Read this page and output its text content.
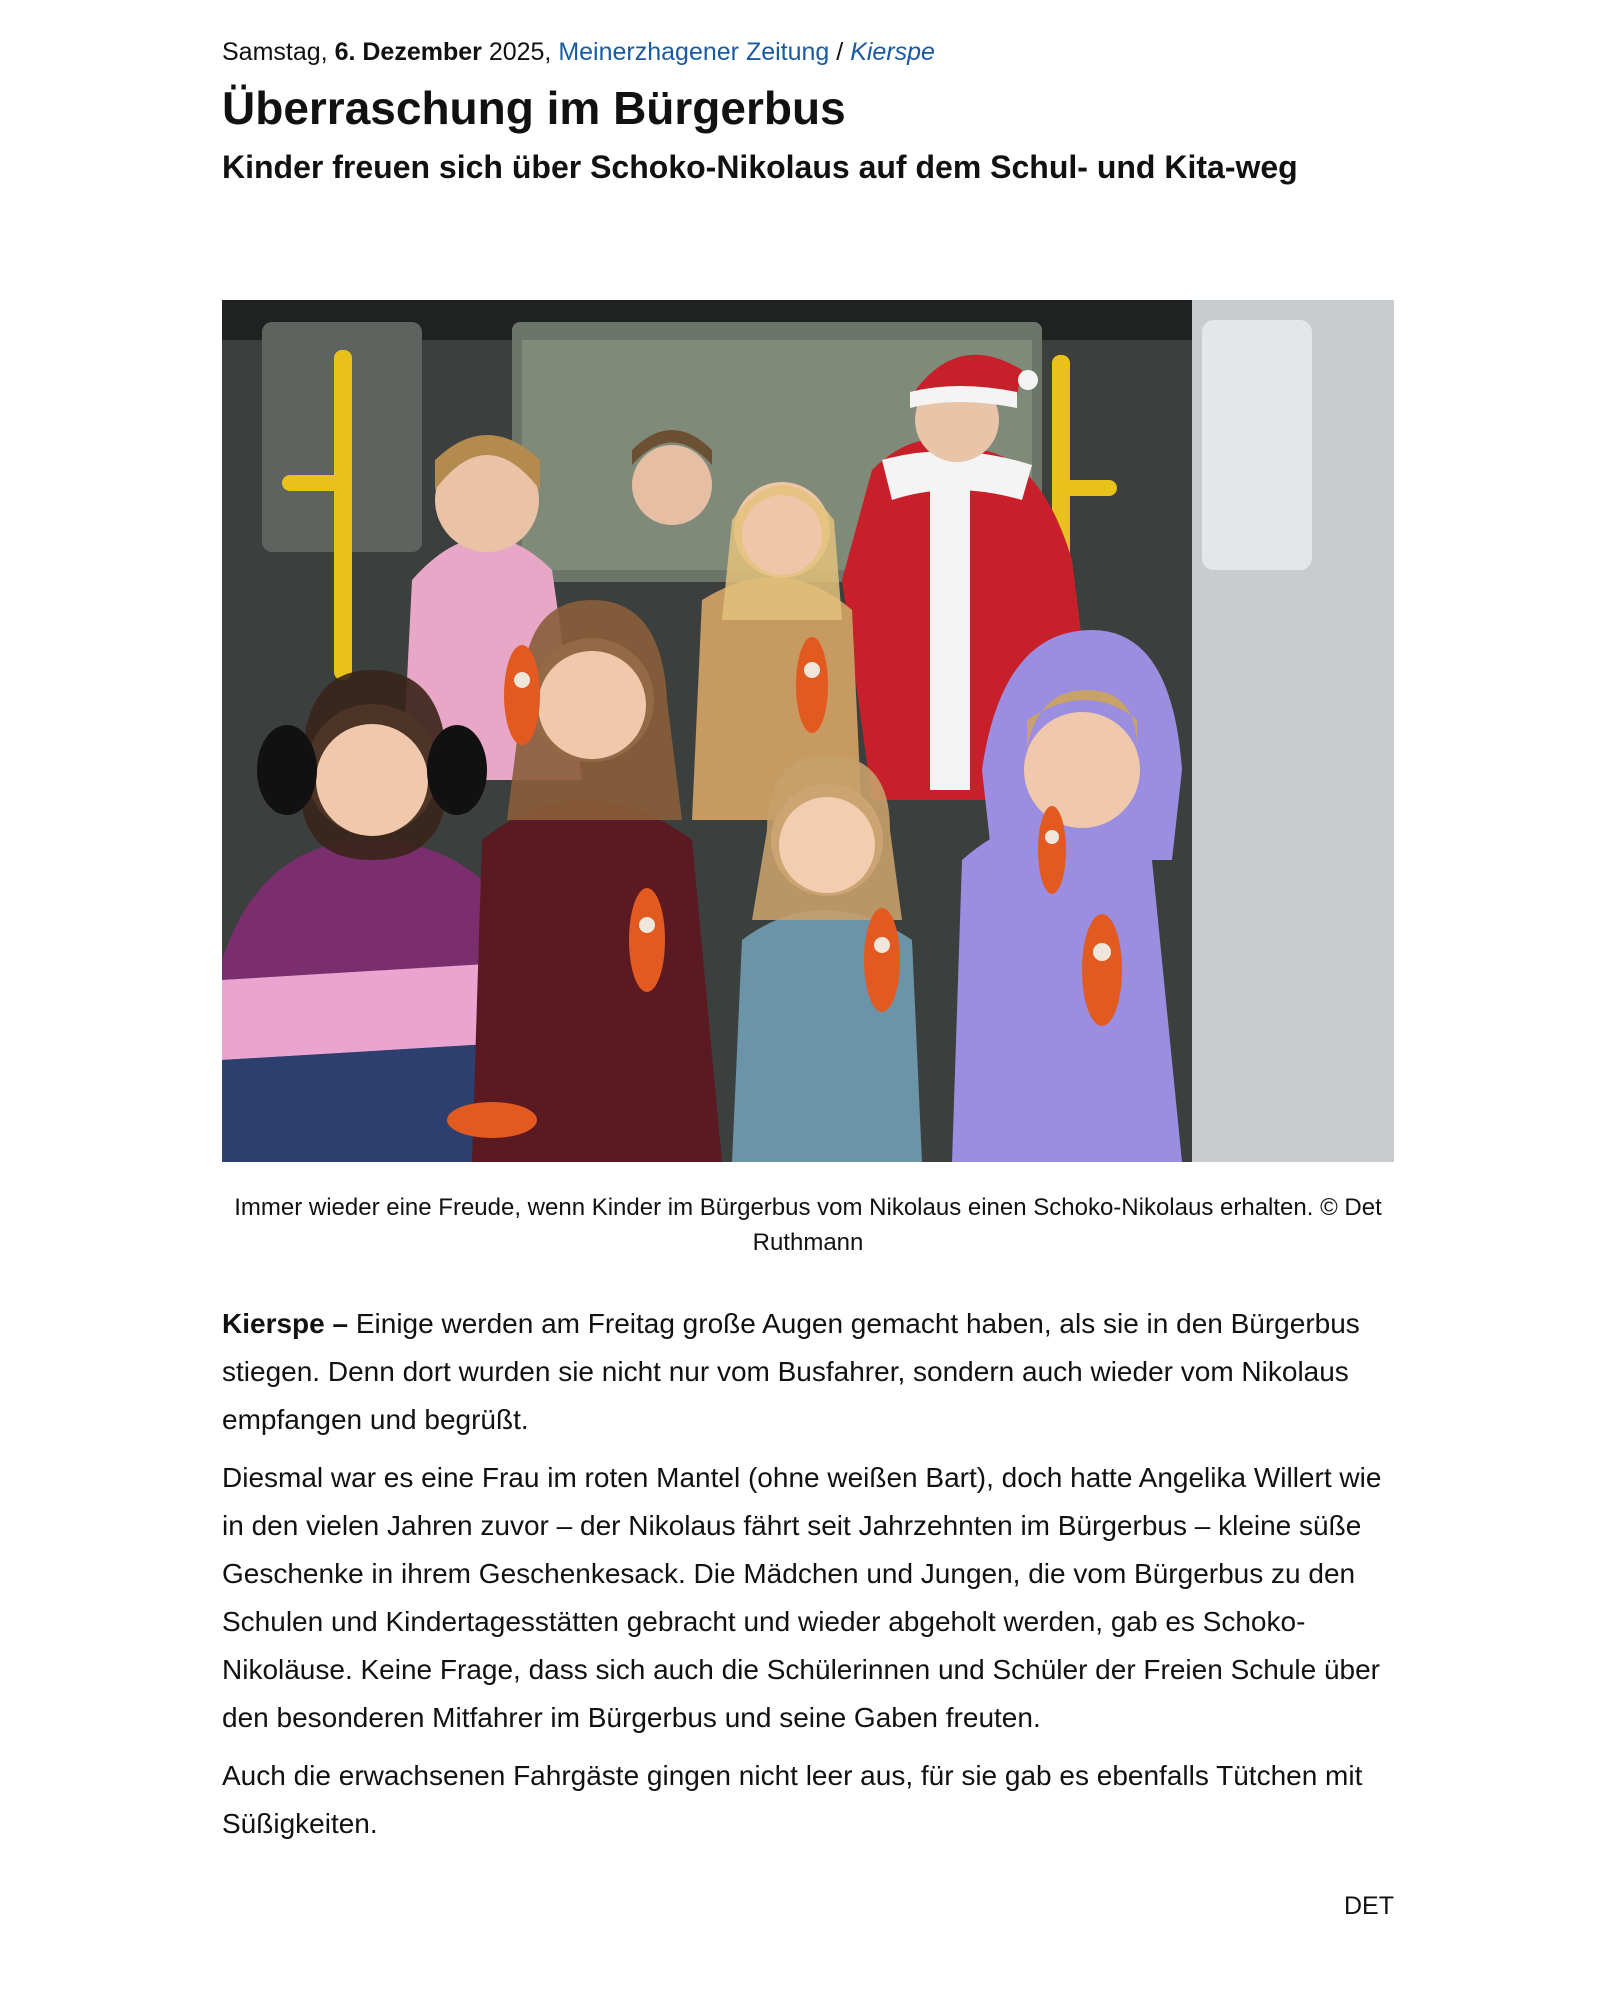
Samstag, 6. Dezember 2025, Meinerzhagener Zeitung / Kierspe

Überraschung im Bürgerbus
Kinder freuen sich über Schoko-Nikolaus auf dem Schul- und Kita-weg

Immer wieder eine Freude, wenn Kinder im Bürgerbus vom Nikolaus einen Schoko-Nikolaus erhalten. © Det Ruthmann

Kierspe – Einige werden am Freitag große Augen gemacht haben, als sie in den Bürgerbus stiegen. Denn dort wurden sie nicht nur vom Busfahrer, sondern auch wieder vom Nikolaus empfangen und begrüßt.

Diesmal war es eine Frau im roten Mantel (ohne weißen Bart), doch hatte Angelika Willert wie in den vielen Jahren zuvor – der Nikolaus fährt seit Jahrzehnten im Bürgerbus – kleine süße Geschenke in ihrem Geschenkesack. Die Mädchen und Jungen, die vom Bürgerbus zu den Schulen und Kindertagesstätten gebracht und wieder abgeholt werden, gab es Schoko-Nikoläuse. Keine Frage, dass sich auch die Schülerinnen und Schüler der Freien Schule über den besonderen Mitfahrer im Bürgerbus und seine Gaben freuten.

Auch die erwachsenen Fahrgäste gingen nicht leer aus, für sie gab es ebenfalls Tütchen mit Süßigkeiten.

DET
